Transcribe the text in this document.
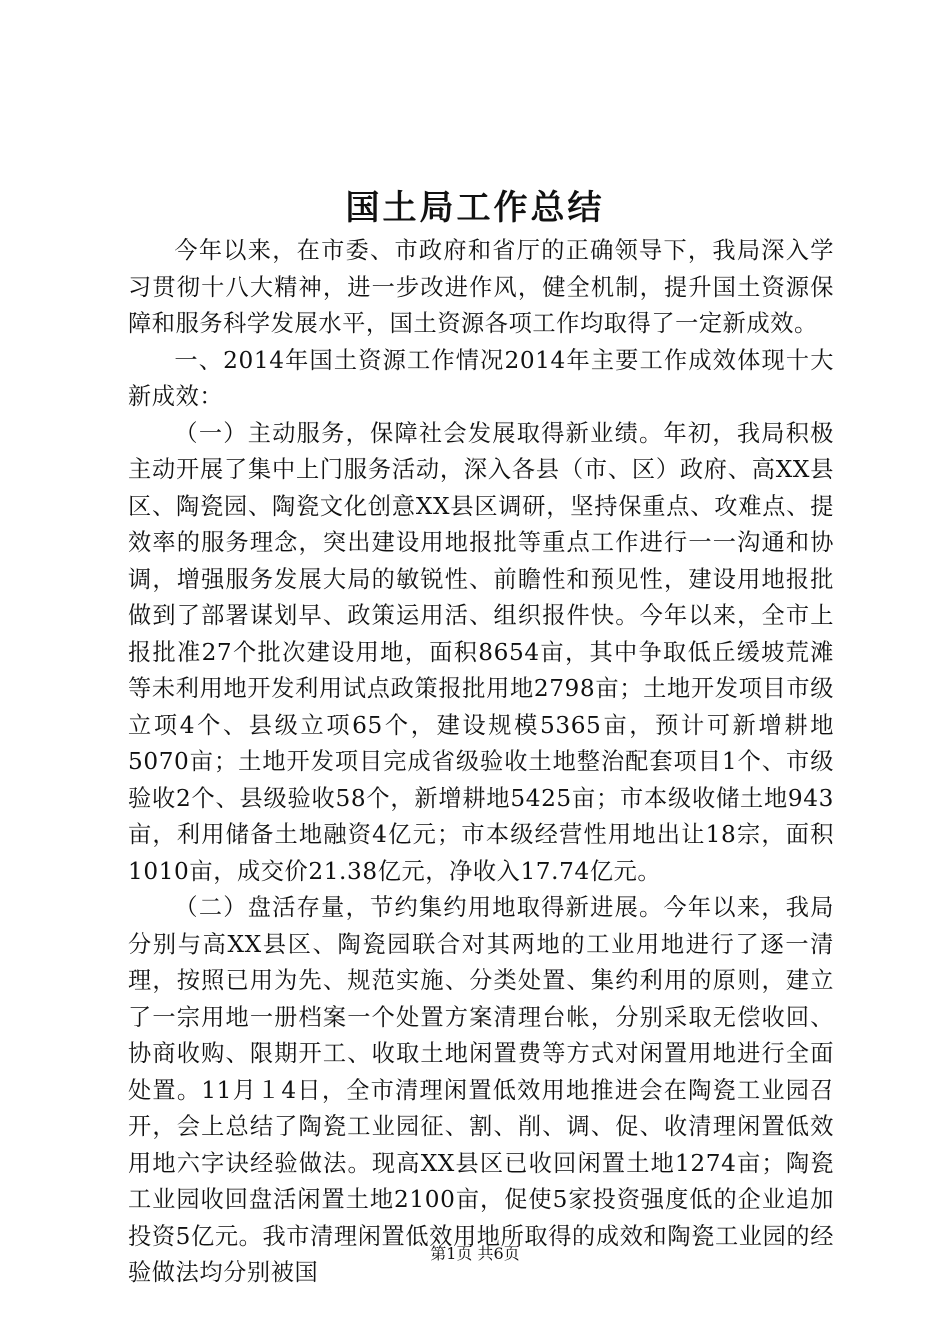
国土局工作总结

今年以来，在市委、市政府和省厅的正确领导下，我局深入学习贯彻十八大精神，进一步改进作风，健全机制，提升国土资源保障和服务科学发展水平，国土资源各项工作均取得了一定新成效。

一、2014年国土资源工作情况2014年主要工作成效体现十大新成效：

（一）主动服务，保障社会发展取得新业绩。年初，我局积极主动开展了集中上门服务活动，深入各县（市、区）政府、高XX县区、陶瓷园、陶瓷文化创意XX县区调研，坚持保重点、攻难点、提效率的服务理念，突出建设用地报批等重点工作进行一一沟通和协调，增强服务发展大局的敏锐性、前瞻性和预见性，建设用地报批做到了部署谋划早、政策运用活、组织报件快。今年以来，全市上报批准27个批次建设用地，面积8654亩，其中争取低丘缓坡荒滩等未利用地开发利用试点政策报批用地2798亩；土地开发项目市级立项4个、县级立项65个，建设规模5365亩，预计可新增耕地5070亩；土地开发项目完成省级验收土地整治配套项目1个、市级验收2个、县级验收58个，新增耕地5425亩；市本级收储土地943亩，利用储备土地融资4亿元；市本级经营性用地出让18宗，面积1010亩，成交价21.38亿元，净收入17.74亿元。

（二）盘活存量，节约集约用地取得新进展。今年以来，我局分别与高XX县区、陶瓷园联合对其两地的工业用地进行了逐一清理，按照已用为先、规范实施、分类处置、集约利用的原则，建立了一宗用地一册档案一个处置方案清理台帐，分别采取无偿收回、协商收购、限期开工、收取土地闲置费等方式对闲置用地进行全面处置。11月１4日，全市清理闲置低效用地推进会在陶瓷工业园召开，会上总结了陶瓷工业园征、割、削、调、促、收清理闲置低效用地六字诀经验做法。现高XX县区已收回闲置土地1274亩；陶瓷工业园收回盘活闲置土地2100亩，促使5家投资强度低的企业追加投资5亿元。我市清理闲置低效用地所取得的成效和陶瓷工业园的经验做法均分别被国

第1页 共6页
